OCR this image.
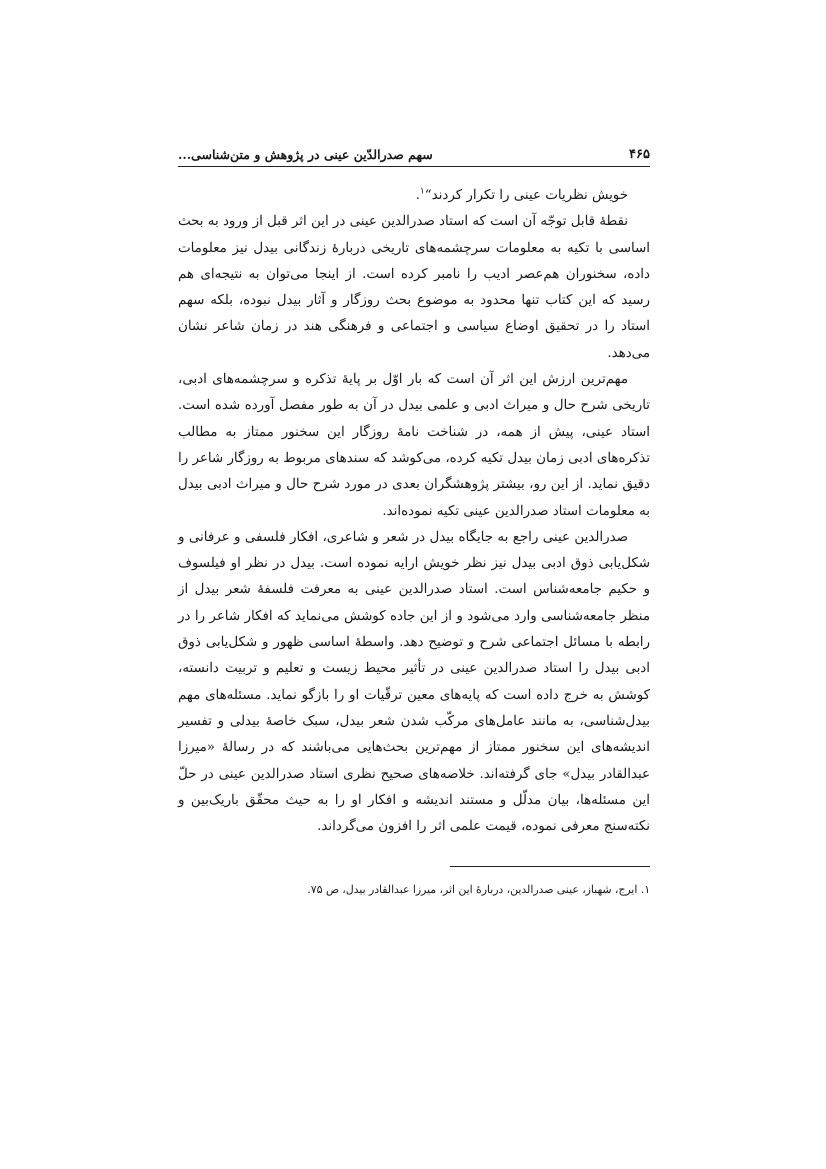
۴۶۵
سهم صدرالدّین عینی در پژوهش و متن‌شناسی...

خویش نظریات عینی را تکرار کردند“$^۱$.

نقطهٔ قابل توجّه آن است که استاد صدرالدین عینی در این اثر قبل از ورود به بحث اساسی با تکیه به معلومات سرچشمه‌های تاریخی دربارهٔ زندگانی بیدل نیز معلومات داده، سخنوران هم‌عصر ادیب را نامبر کرده است. از اینجا می‌توان به نتیجه‌ای هم رسید که این کتاب تنها محدود به موضوع بحث روزگار و آثار بیدل نبوده، بلکه سهم استاد را در تحقیق اوضاع سیاسی و اجتماعی و فرهنگی هند در زمان شاعر نشان می‌دهد.

مهم‌ترین ارزش این اثر آن است که بار اوّل بر پایهٔ تذکره و سرچشمه‌های ادبی، تاریخی شرح حال و میراث ادبی و علمی بیدل در آن به طور مفصل آورده شده است. استاد عینی، پیش از همه، در شناخت نامهٔ روزگار این سخنور ممتاز به مطالب تذکره‌های ادبی زمان بیدل تکیه کرده، می‌کوشد که سندهای مربوط به روزگار شاعر را دقیق نماید. از این رو، بیشتر پژوهشگران بعدی در مورد شرح حال و میراث ادبی بیدل به معلومات استاد صدرالدین عینی تکیه نموده‌اند.

صدرالدین عینی راجع به جایگاه بیدل در شعر و شاعری، افکار فلسفی و عرفانی و شکل‌یابی ذوق ادبی بیدل نیز نظر خویش ارایه نموده است. بیدل در نظر او فیلسوف و حکیم جامعه‌شناس است. استاد صدرالدین عینی به معرفت فلسفهٔ شعر بیدل از منظر جامعه‌شناسی وارد می‌شود و از این جاده کوشش می‌نماید که افکار شاعر را در رابطه با مسائل اجتماعی شرح و توضیح دهد. واسطهٔ اساسی ظهور و شکل‌یابی ذوق ادبی بیدل را استاد صدرالدین عینی در تأثیر محیط زیست و تعلیم و تربیت دانسته، کوشش به خرج داده است که پایه‌های معین ترقّیات او را بازگو نماید. مسئله‌های مهم بیدل‌شناسی، به مانند عامل‌های مرکّب شدن شعر بیدل، سبک خاصهٔ بیدلی و تفسیر اندیشه‌های این سخنور ممتاز از مهم‌ترین بحث‌هایی می‌باشند که در رسالهٔ «میرزا عبدالقادر بیدل» جای گرفته‌اند. خلاصه‌های صحیح نظری استاد صدرالدین عینی در حلّ این مسئله‌ها، بیان مدلّل و مستند اندیشه و افکار او را به حیث محقّق باریک‌بین و نکته‌سنج معرفی نموده، قیمت علمی اثر را افزون می‌گرداند.

۱. ایرج، شهباز، عینی صدرالدین، دربارهٔ این اثر، میرزا عبدالقادر بیدل، ص ۷۵.
